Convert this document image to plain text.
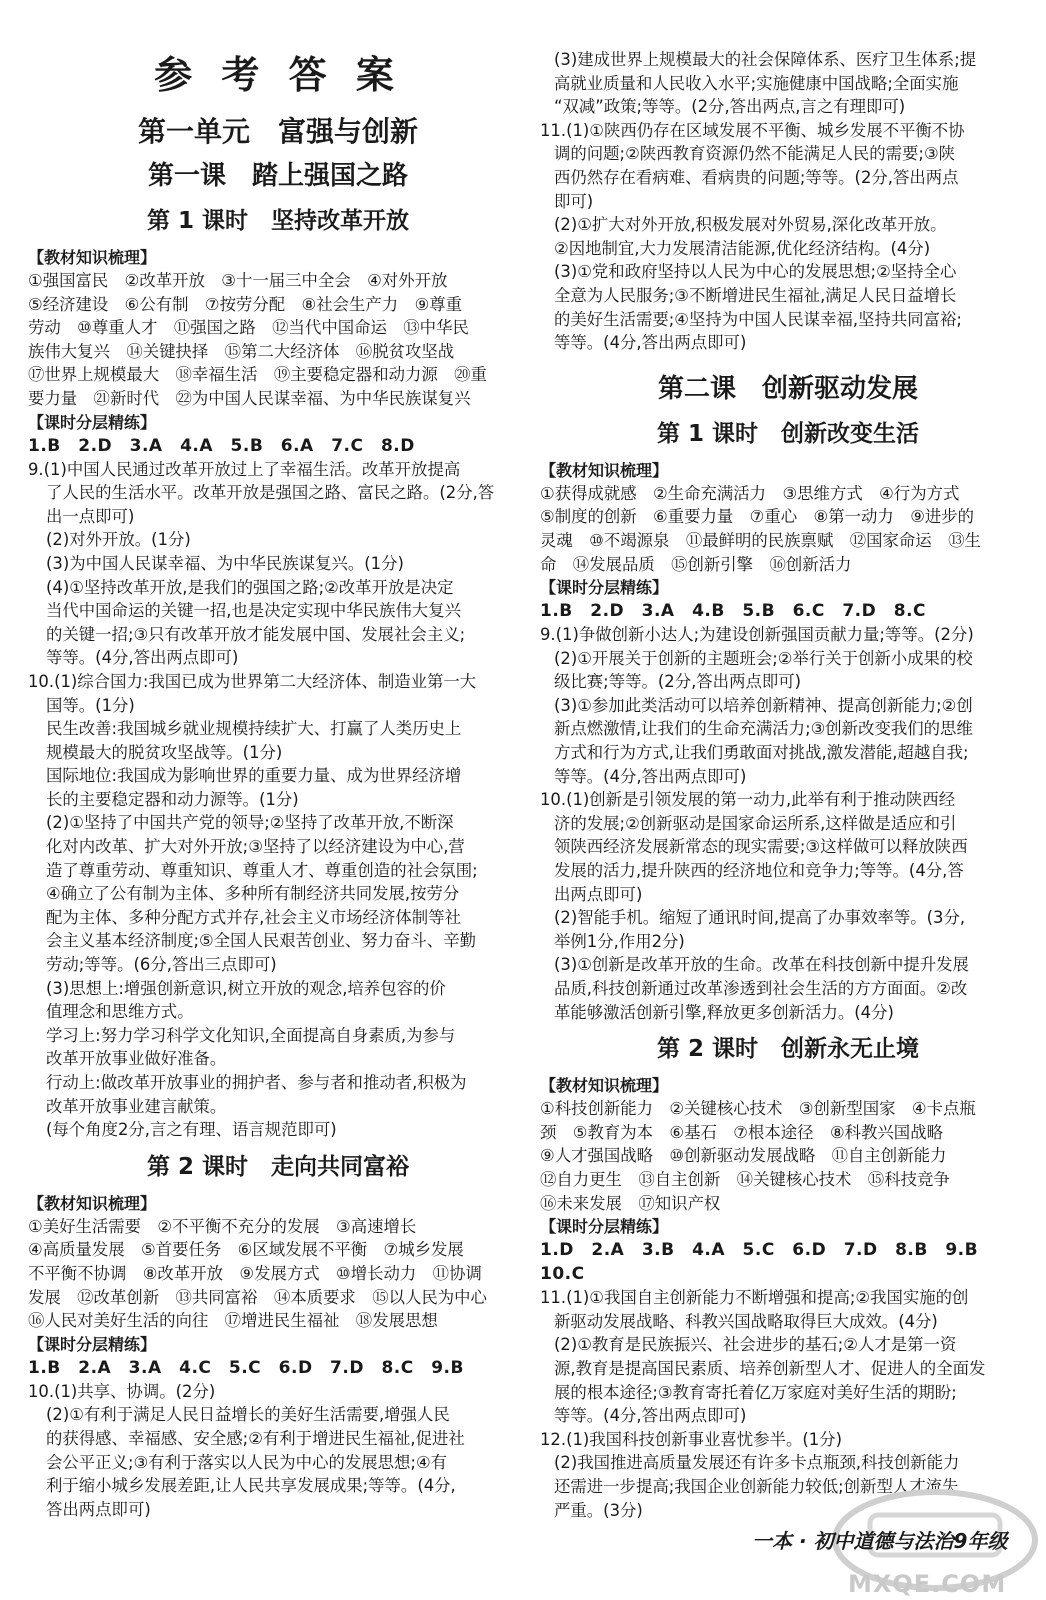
参 考 答 案
第一单元　富强与创新
第一课　踏上强国之路
第 1 课时　坚持改革开放
【教材知识梳理】

①强国富民　②改革开放　③十一届三中全会　④对外开放

⑤经济建设　⑥公有制　⑦按劳分配　⑧社会生产力　⑨尊重

劳动　⑩尊重人才　⑪强国之路　⑫当代中国命运　⑬中华民

族伟大复兴　⑭关键抉择　⑮第二大经济体　⑯脱贫攻坚战

⑰世界上规模最大　⑱幸福生活　⑲主要稳定器和动力源　⑳重

要力量　㉑新时代　㉒为中国人民谋幸福、为中华民族谋复兴

【课时分层精练】

1.B　2.D　3.A　4.A　5.B　6.A　7.C　8.D

9.(1)中国人民通过改革开放过上了幸福生活。改革开放提高

了人民的生活水平。改革开放是强国之路、富民之路。(2分,答

出一点即可)

(2)对外开放。(1分)

(3)为中国人民谋幸福、为中华民族谋复兴。(1分)

(4)①坚持改革开放,是我们的强国之路;②改革开放是决定

当代中国命运的关键一招,也是决定实现中华民族伟大复兴

的关键一招;③只有改革开放才能发展中国、发展社会主义;

等等。(4分,答出两点即可)

10.(1)综合国力:我国已成为世界第二大经济体、制造业第一大

国等。(1分)

民生改善:我国城乡就业规模持续扩大、打赢了人类历史上

规模最大的脱贫攻坚战等。(1分)

国际地位:我国成为影响世界的重要力量、成为世界经济增

长的主要稳定器和动力源等。(1分)

(2)①坚持了中国共产党的领导;②坚持了改革开放,不断深

化对内改革、扩大对外开放;③坚持了以经济建设为中心,营

造了尊重劳动、尊重知识、尊重人才、尊重创造的社会氛围;

④确立了公有制为主体、多种所有制经济共同发展,按劳分

配为主体、多种分配方式并存,社会主义市场经济体制等社

会主义基本经济制度;⑤全国人民艰苦创业、努力奋斗、辛勤

劳动;等等。(6分,答出三点即可)

(3)思想上:增强创新意识,树立开放的观念,培养包容的价

值理念和思维方式。

学习上:努力学习科学文化知识,全面提高自身素质,为参与

改革开放事业做好准备。

行动上:做改革开放事业的拥护者、参与者和推动者,积极为

改革开放事业建言献策。

(每个角度2分,言之有理、语言规范即可)

第 2 课时　走向共同富裕
【教材知识梳理】

①美好生活需要　②不平衡不充分的发展　③高速增长

④高质量发展　⑤首要任务　⑥区域发展不平衡　⑦城乡发展

不平衡不协调　⑧改革开放　⑨发展方式　⑩增长动力　⑪协调

发展　⑫改革创新　⑬共同富裕　⑭本质要求　⑮以人民为中心

⑯人民对美好生活的向往　⑰增进民生福祉　⑱发展思想

【课时分层精练】

1.B　2.A　3.A　4.C　5.C　6.D　7.D　8.C　9.B

10.(1)共享、协调。(2分)

(2)①有利于满足人民日益增长的美好生活需要,增强人民

的获得感、幸福感、安全感;②有利于增进民生福祉,促进社

会公平正义;③有利于落实以人民为中心的发展思想;④有

利于缩小城乡发展差距,让人民共享发展成果;等等。(4分,

答出两点即可)

(3)建成世界上规模最大的社会保障体系、医疗卫生体系;提

高就业质量和人民收入水平;实施健康中国战略;全面实施

“双减”政策;等等。(2分,答出两点,言之有理即可)

11.(1)①陕西仍存在区域发展不平衡、城乡发展不平衡不协

调的问题;②陕西教育资源仍然不能满足人民的需要;③陕

西仍然存在看病难、看病贵的问题;等等。(2分,答出两点

即可)

(2)①扩大对外开放,积极发展对外贸易,深化改革开放。

②因地制宜,大力发展清洁能源,优化经济结构。(4分)

(3)①党和政府坚持以人民为中心的发展思想;②坚持全心

全意为人民服务;③不断增进民生福祉,满足人民日益增长

的美好生活需要;④坚持为中国人民谋幸福,坚持共同富裕;

等等。(4分,答出两点即可)

第二课　创新驱动发展
第 1 课时　创新改变生活
【教材知识梳理】

①获得成就感　②生命充满活力　③思维方式　④行为方式

⑤制度的创新　⑥重要力量　⑦重心　⑧第一动力　⑨进步的

灵魂　⑩不竭源泉　⑪最鲜明的民族禀赋　⑫国家命运　⑬生

命　⑭发展品质　⑮创新引擎　⑯创新活力

【课时分层精练】

1.B　2.D　3.A　4.B　5.B　6.C　7.D　8.C

9.(1)争做创新小达人;为建设创新强国贡献力量;等等。(2分)

(2)①开展关于创新的主题班会;②举行关于创新小成果的校

级比赛;等等。(2分,答出两点即可)

(3)①参加此类活动可以培养创新精神、提高创新能力;②创

新点燃激情,让我们的生命充满活力;③创新改变我们的思维

方式和行为方式,让我们勇敢面对挑战,激发潜能,超越自我;

等等。(4分,答出两点即可)

10.(1)创新是引领发展的第一动力,此举有利于推动陕西经

济的发展;②创新驱动是国家命运所系,这样做是适应和引

领陕西经济发展新常态的现实需要;③这样做可以释放陕西

发展的活力,提升陕西的经济地位和竞争力;等等。(4分,答

出两点即可)

(2)智能手机。缩短了通讯时间,提高了办事效率等。(3分,

举例1分,作用2分)

(3)①创新是改革开放的生命。改革在科技创新中提升发展

品质,科技创新通过改革渗透到社会生活的方方面面。②改

革能够激活创新引擎,释放更多创新活力。(4分)

第 2 课时　创新永无止境
【教材知识梳理】

①科技创新能力　②关键核心技术　③创新型国家　④卡点瓶

颈　⑤教育为本　⑥基石　⑦根本途径　⑧科教兴国战略

⑨人才强国战略　⑩创新驱动发展战略　⑪自主创新能力

⑫自力更生　⑬自主创新　⑭关键核心技术　⑮科技竞争

⑯未来发展　⑰知识产权

【课时分层精练】

1.D　2.A　3.B　4.A　5.C　6.D　7.D　8.B　9.B　10.C

11.(1)①我国自主创新能力不断增强和提高;②我国实施的创

新驱动发展战略、科教兴国战略取得巨大成效。(4分)

(2)①教育是民族振兴、社会进步的基石;②人才是第一资

源,教育是提高国民素质、培养创新型人才、促进人的全面发

展的根本途径;③教育寄托着亿万家庭对美好生活的期盼;

等等。(4分,答出两点即可)

12.(1)我国科技创新事业喜忧参半。(1分)

(2)我国推进高质量发展还有许多卡点瓶颈,科技创新能力

还需进一步提高;我国企业创新能力较低;创新型人才流失

严重。(3分)

MXQE.COM
一本 · 初中道德与法治9年级
